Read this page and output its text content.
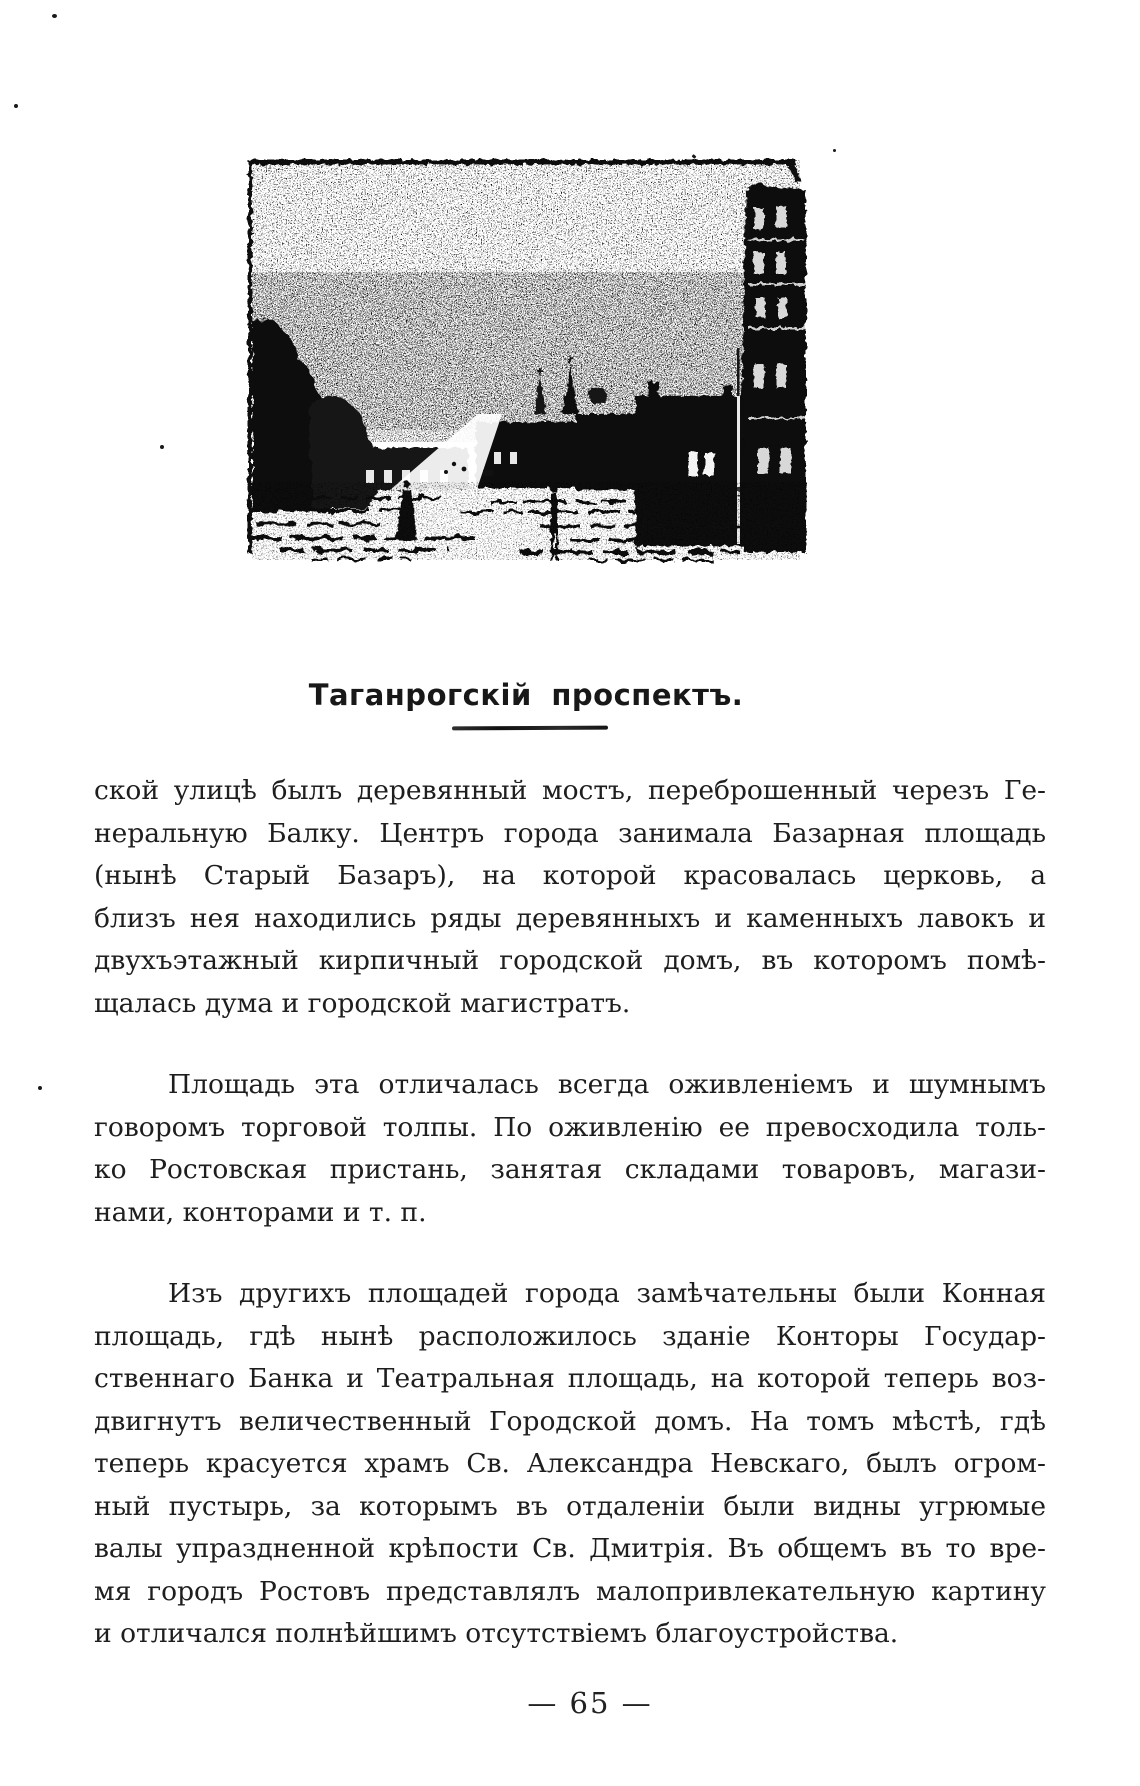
Таганрогскій проспектъ.
ской улицѣ былъ деревянный мостъ, переброшенный черезъ Ге-
неральную Балку. Центръ города занимала Базарная площадь
(нынѣ Старый Базаръ), на которой красовалась церковь, а
близъ нея находились ряды деревянныхъ и каменныхъ лавокъ и
двухъэтажный кирпичный городской домъ, въ которомъ помѣ-
щалась дума и городской магистратъ.
Площадь эта отличалась всегда оживленіемъ и шумнымъ
говоромъ торговой толпы. По оживленію ее превосходила толь-
ко Ростовская пристань, занятая складами товаровъ, магази-
нами, конторами и т. п.
Изъ другихъ площадей города замѣчательны были Конная
площадь, гдѣ нынѣ расположилось зданіе Конторы Государ-
ственнаго Банка и Театральная площадь, на которой теперь воз-
двигнутъ величественный Городской домъ. На томъ мѣстѣ, гдѣ
теперь красуется храмъ Св. Александра Невскаго, былъ огром-
ный пустырь, за которымъ въ отдаленіи были видны угрюмые
валы упраздненной крѣпости Св. Дмитрія. Въ общемъ въ то вре-
мя городъ Ростовъ представлялъ малопривлекательную картину
и отличался полнѣйшимъ отсутствіемъ благоустройства.
— 65 —
